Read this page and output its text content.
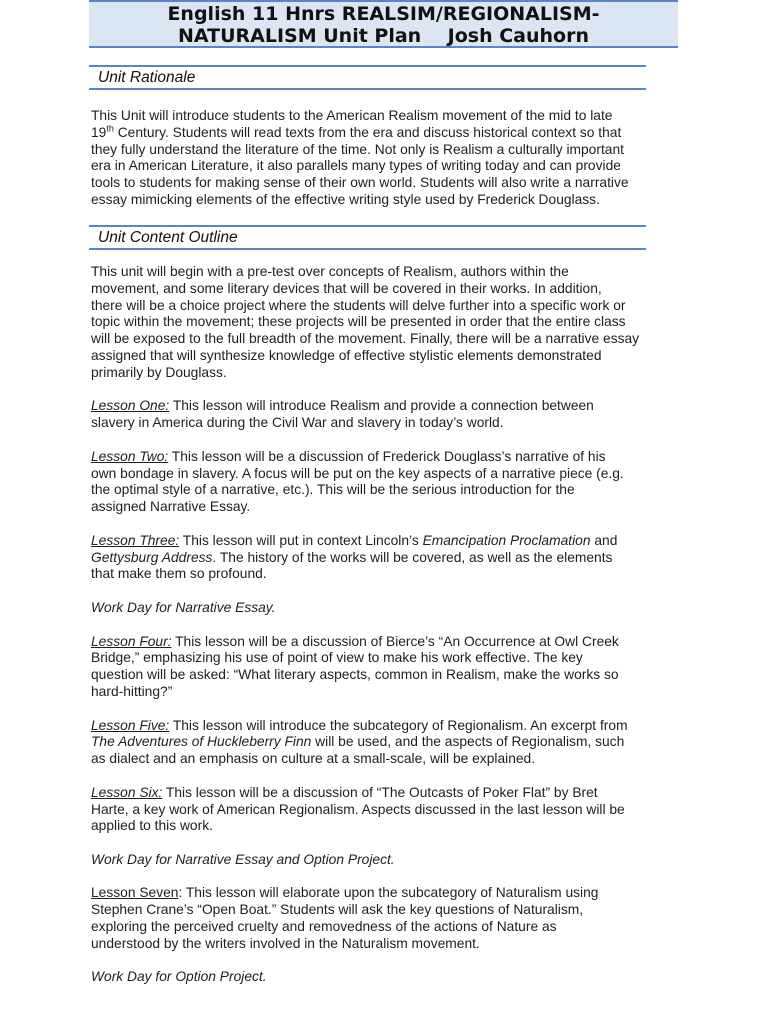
English 11 Hnrs REALSIM/REGIONALISM-
NATURALISM Unit Plan    Josh Cauhorn
Unit Rationale
This Unit will introduce students to the American Realism movement of the mid to late
19th Century. Students will read texts from the era and discuss historical context so that
they fully understand the literature of the time. Not only is Realism a culturally important
era in American Literature, it also parallels many types of writing today and can provide
tools to students for making sense of their own world. Students will also write a narrative
essay mimicking elements of the effective writing style used by Frederick Douglass.
Unit Content Outline
This unit will begin with a pre-test over concepts of Realism, authors within the
movement, and some literary devices that will be covered in their works. In addition,
there will be a choice project where the students will delve further into a specific work or
topic within the movement; these projects will be presented in order that the entire class
will be exposed to the full breadth of the movement. Finally, there will be a narrative essay
assigned that will synthesize knowledge of effective stylistic elements demonstrated
primarily by Douglass.
Lesson One: This lesson will introduce Realism and provide a connection between
slavery in America during the Civil War and slavery in today’s world.
Lesson Two: This lesson will be a discussion of Frederick Douglass’s narrative of his
own bondage in slavery. A focus will be put on the key aspects of a narrative piece (e.g.
the optimal style of a narrative, etc.). This will be the serious introduction for the
assigned Narrative Essay.
Lesson Three: This lesson will put in context Lincoln’s Emancipation Proclamation and
Gettysburg Address. The history of the works will be covered, as well as the elements
that make them so profound.
Work Day for Narrative Essay.
Lesson Four: This lesson will be a discussion of Bierce’s “An Occurrence at Owl Creek
Bridge,” emphasizing his use of point of view to make his work effective. The key
question will be asked: “What literary aspects, common in Realism, make the works so
hard-hitting?”
Lesson Five: This lesson will introduce the subcategory of Regionalism. An excerpt from
The Adventures of Huckleberry Finn will be used, and the aspects of Regionalism, such
as dialect and an emphasis on culture at a small-scale, will be explained.
Lesson Six: This lesson will be a discussion of “The Outcasts of Poker Flat” by Bret
Harte, a key work of American Regionalism. Aspects discussed in the last lesson will be
applied to this work.
Work Day for Narrative Essay and Option Project.
Lesson Seven: This lesson will elaborate upon the subcategory of Naturalism using
Stephen Crane’s “Open Boat.” Students will ask the key questions of Naturalism,
exploring the perceived cruelty and removedness of the actions of Nature as
understood by the writers involved in the Naturalism movement.
Work Day for Option Project.
